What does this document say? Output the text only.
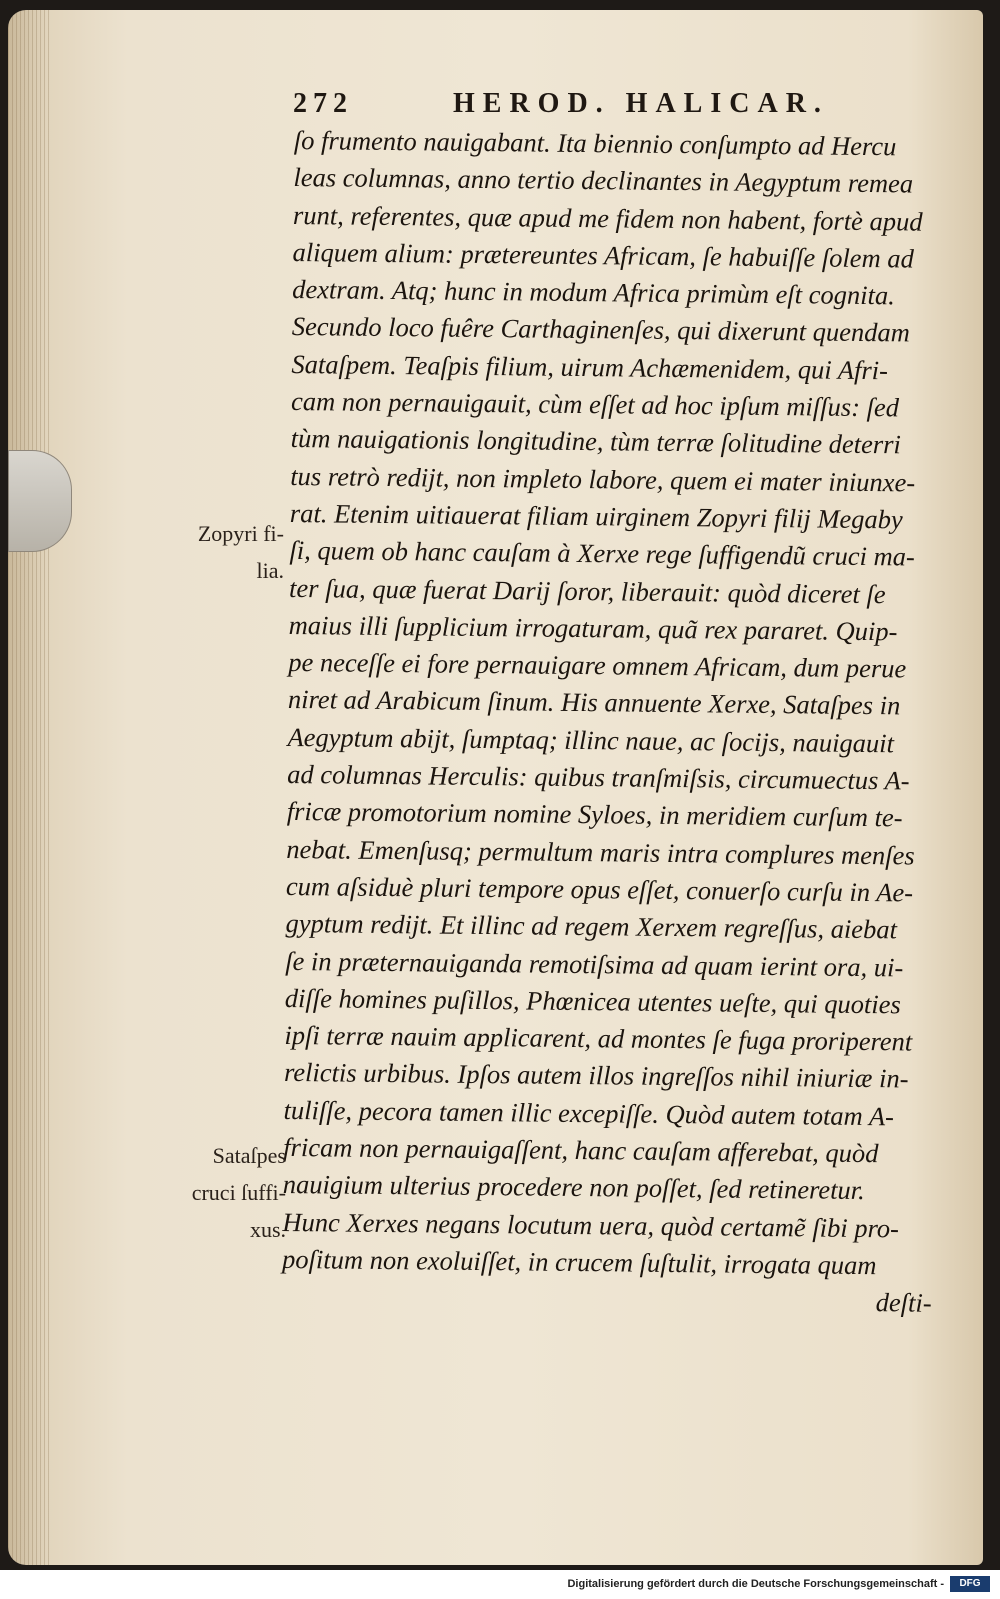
272	HEROD. HALICAR.
ſo frumento nauigabant. Ita biennio conſumpto ad Hercu
leas columnas, anno tertio declinantes in Aegyptum remea
runt, referentes, quæ apud me fidem non habent, fortè apud
aliquem alium: prætereuntes Africam, ſe habuiſſe ſolem ad
dextram. Atq; hunc in modum Africa primùm eſt cognita.
Secundo loco fuêre Carthaginenſes, qui dixerunt quendam
Sataſpem. Teaſpis filium, uirum Achæmenidem, qui Afri-
cam non pernauigauit, cùm eſſet ad hoc ipſum miſſus: ſed
tùm nauigationis longitudine, tùm terræ ſolitudine deterri
tus retrò rediјt, non impleto labore, quem ei mater iniunxe-
rat. Etenim uitiauerat filiam uirginem Zopyri filiј Megaby
ſi, quem ob hanc cauſam à Xerxe rege ſuffigendũ cruci ma-
ter ſua, quæ fuerat Dariј ſoror, liberauit: quòd diceret ſe
maius illi ſupplicium irrogaturam, quã rex pararet. Quip-
pe neceſſe ei fore pernauigare omnem Africam, dum perue
niret ad Arabicum ſinum. His annuente Xerxe, Sataſpes in
Aegyptum abiјt, ſumptaq; illinc naue, ac ſociјs, nauigauit
ad columnas Herculis: quibus tranſmiſsis, circumuectus A-
fricæ promotorium nomine Syloes, in meridiem curſum te-
nebat. Emenſusq; permultum maris intra complures menſes
cum aſsiduè pluri tempore opus eſſet, conuerſo curſu in Ae-
gyptum rediјt. Et illinc ad regem Xerxem regreſſus, aiebat
ſe in præternauiganda remotiſsima ad quam ierint ora, ui-
diſſe homines puſillos, Phœnicea utentes ueſte, qui quoties
ipſi terræ nauim applicarent, ad montes ſe fuga proriperent
relictis urbibus. Ipſos autem illos ingreſſos nihil iniuriæ in-
tuliſſe, pecora tamen illic excepiſſe. Quòd autem totam A-
fricam non pernauigaſſent, hanc cauſam afferebat, quòd
nauigium ulterius procedere non poſſet, ſed retineretur.
Hunc Xerxes negans locutum uera, quòd certamẽ ſibi pro-
poſitum non exoluiſſet, in crucem ſuſtulit, irrogata quam
deſti-
Zopyri fi-
lia.
Sataſpes
cruci ſuffi-
xus.
Digitalisierung gefördert durch die Deutsche Forschungsgemeinschaft -	DFG
